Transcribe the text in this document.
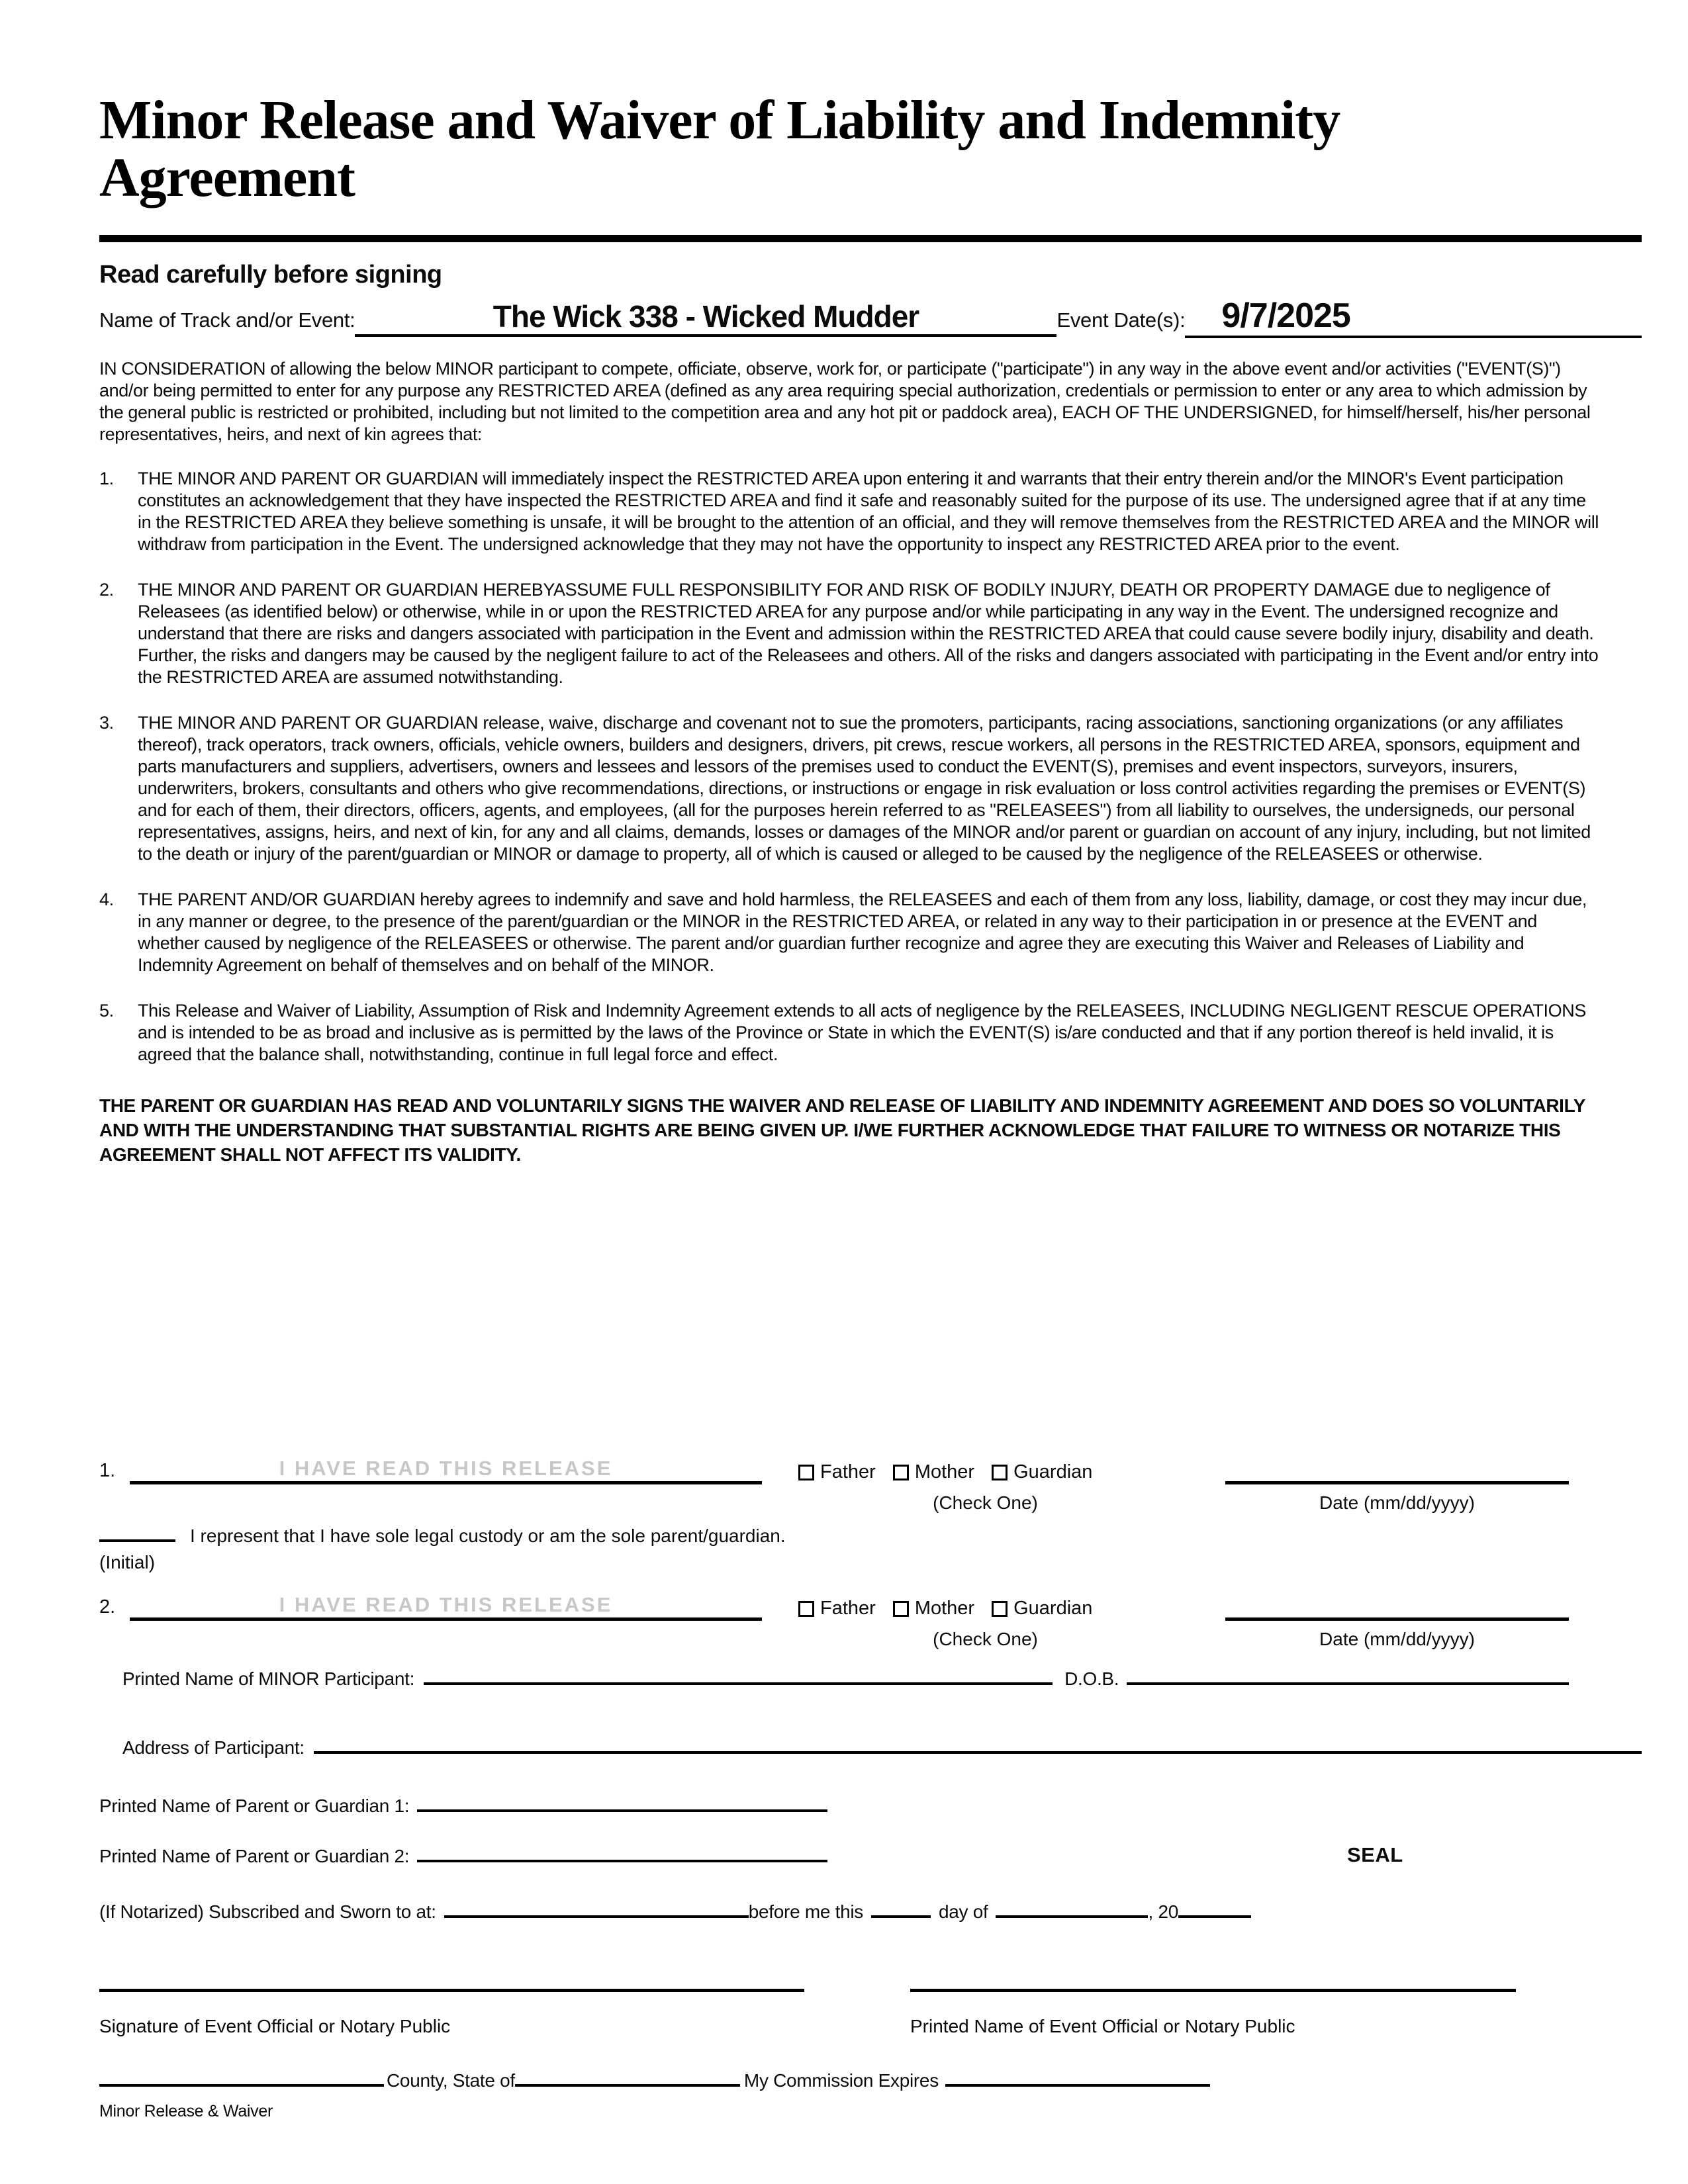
Minor Release and Waiver of Liability and Indemnity Agreement
Read carefully before signing
Name of Track and/or Event:	The Wick 338 - Wicked Mudder	Event Date(s):	9/7/2025

IN CONSIDERATION of allowing the below MINOR participant to compete, officiate, observe, work for, or participate ("participate") in any way in the above event and/or activities ("EVENT(S)") and/or being permitted to enter for any purpose any RESTRICTED AREA (defined as any area requiring special authorization, credentials or permission to enter or any area to which admission by the general public is restricted or prohibited, including but not limited to the competition area and any hot pit or paddock area), EACH OF THE UNDERSIGNED, for himself/herself, his/her personal representatives, heirs, and next of kin agrees that:

1.	THE MINOR AND PARENT OR GUARDIAN will immediately inspect the RESTRICTED AREA upon entering it and warrants that their entry therein and/or the MINOR's Event participation constitutes an acknowledgement that they have inspected the RESTRICTED AREA and find it safe and reasonably suited for the purpose of its use. The undersigned agree that if at any time in the RESTRICTED AREA they believe something is unsafe, it will be brought to the attention of an official, and they will remove themselves from the RESTRICTED AREA and the MINOR will withdraw from participation in the Event. The undersigned acknowledge that they may not have the opportunity to inspect any RESTRICTED AREA prior to the event.
2.	THE MINOR AND PARENT OR GUARDIAN HEREBYASSUME FULL RESPONSIBILITY FOR AND RISK OF BODILY INJURY, DEATH OR PROPERTY DAMAGE due to negligence of Releasees (as identified below) or otherwise, while in or upon the RESTRICTED AREA for any purpose and/or while participating in any way in the Event. The undersigned recognize and understand that there are risks and dangers associated with participation in the Event and admission within the RESTRICTED AREA that could cause severe bodily injury, disability and death. Further, the risks and dangers may be caused by the negligent failure to act of the Releasees and others. All of the risks and dangers associated with participating in the Event and/or entry into the RESTRICTED AREA are assumed notwithstanding.
3.	THE MINOR AND PARENT OR GUARDIAN release, waive, discharge and covenant not to sue the promoters, participants, racing associations, sanctioning organizations (or any affiliates thereof), track operators, track owners, officials, vehicle owners, builders and designers, drivers, pit crews, rescue workers, all persons in the RESTRICTED AREA, sponsors, equipment and parts manufacturers and suppliers, advertisers, owners and lessees and lessors of the premises used to conduct the EVENT(S), premises and event inspectors, surveyors, insurers, underwriters, brokers, consultants and others who give recommendations, directions, or instructions or engage in risk evaluation or loss control activities regarding the premises or EVENT(S) and for each of them, their directors, officers, agents, and employees, (all for the purposes herein referred to as "RELEASEES") from all liability to ourselves, the undersigneds, our personal representatives, assigns, heirs, and next of kin, for any and all claims, demands, losses or damages of the MINOR and/or parent or guardian on account of any injury, including, but not limited to the death or injury of the parent/guardian or MINOR or damage to property, all of which is caused or alleged to be caused by the negligence of the RELEASEES or otherwise.
4.	THE PARENT AND/OR GUARDIAN hereby agrees to indemnify and save and hold harmless, the RELEASEES and each of them from any loss, liability, damage, or cost they may incur due, in any manner or degree, to the presence of the parent/guardian or the MINOR in the RESTRICTED AREA, or related in any way to their participation in or presence at the EVENT and whether caused by negligence of the RELEASEES or otherwise. The parent and/or guardian further recognize and agree they are executing this Waiver and Releases of Liability and Indemnity Agreement on behalf of themselves and on behalf of the MINOR.
5.	This Release and Waiver of Liability, Assumption of Risk and Indemnity Agreement extends to all acts of negligence by the RELEASEES, INCLUDING NEGLIGENT RESCUE OPERATIONS and is intended to be as broad and inclusive as is permitted by the laws of the Province or State in which the EVENT(S) is/are conducted and that if any portion thereof is held invalid, it is agreed that the balance shall, notwithstanding, continue in full legal force and effect.

THE PARENT OR GUARDIAN HAS READ AND VOLUNTARILY SIGNS THE WAIVER AND RELEASE OF LIABILITY AND INDEMNITY AGREEMENT AND DOES SO VOLUNTARILY AND WITH THE UNDERSTANDING THAT SUBSTANTIAL RIGHTS ARE BEING GIVEN UP. I/WE FURTHER ACKNOWLEDGE THAT FAILURE TO WITNESS OR NOTARIZE THIS AGREEMENT SHALL NOT AFFECT ITS VALIDITY.

1.	I HAVE READ THIS RELEASE	Father Mother Guardian
(Check One)	Date (mm/dd/yyyy)
I represent that I have sole legal custody or am the sole parent/guardian.
(Initial)
2.	I HAVE READ THIS RELEASE	Father Mother Guardian
(Check One)	Date (mm/dd/yyyy)
Printed Name of MINOR Participant:	D.O.B.
Address of Participant:
Printed Name of Parent or Guardian 1:
Printed Name of Parent or Guardian 2:	SEAL
(If Notarized) Subscribed and Sworn to at:	before me this	day of	, 20
Signature of Event Official or Notary Public	Printed Name of Event Official or Notary Public
County, State of	My Commission Expires
Minor Release & Waiver
